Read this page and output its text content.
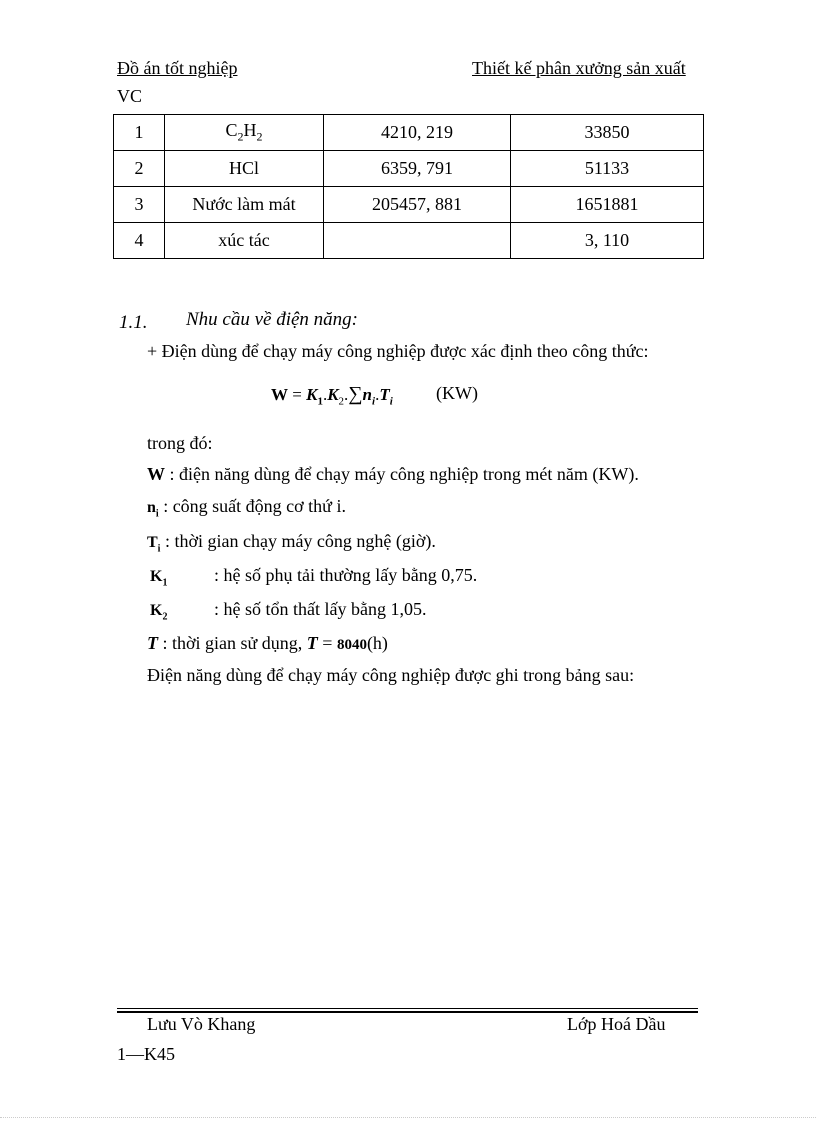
Đồ án tốt nghiệp	Thiết kế phân xưởng sản xuất
VC
1	$C_2H_2$	4210, 219	33850
2	HCl	6359, 791	51133
3	Nước làm mát	205457, 881	1651881
4	xúc tác		3, 110
1.1. Nhu cầu về điện năng:
+ Điện dùng để chạy máy công nghiệp được xác định theo công thức:
$W = K_1.K_2.\sum n_i.T_i$ (KW)
trong đó:
W : điện năng dùng để chạy máy công nghiệp trong mét năm (KW).
$n_i$ : công suất động cơ thứ i.
$T_i$ : thời gian chạy máy công nghệ (giờ).
$K_1$	: hệ số phụ tải thường lấy bằng 0,75.
$K_2$	: hệ số tổn thất lấy bằng 1,05.
T : thời gian sử dụng, T = 8040(h)
Điện năng dùng để chạy máy công nghiệp được ghi trong bảng sau:
Lưu Vò Khang	Lớp Hoá Dầu
1—K45
